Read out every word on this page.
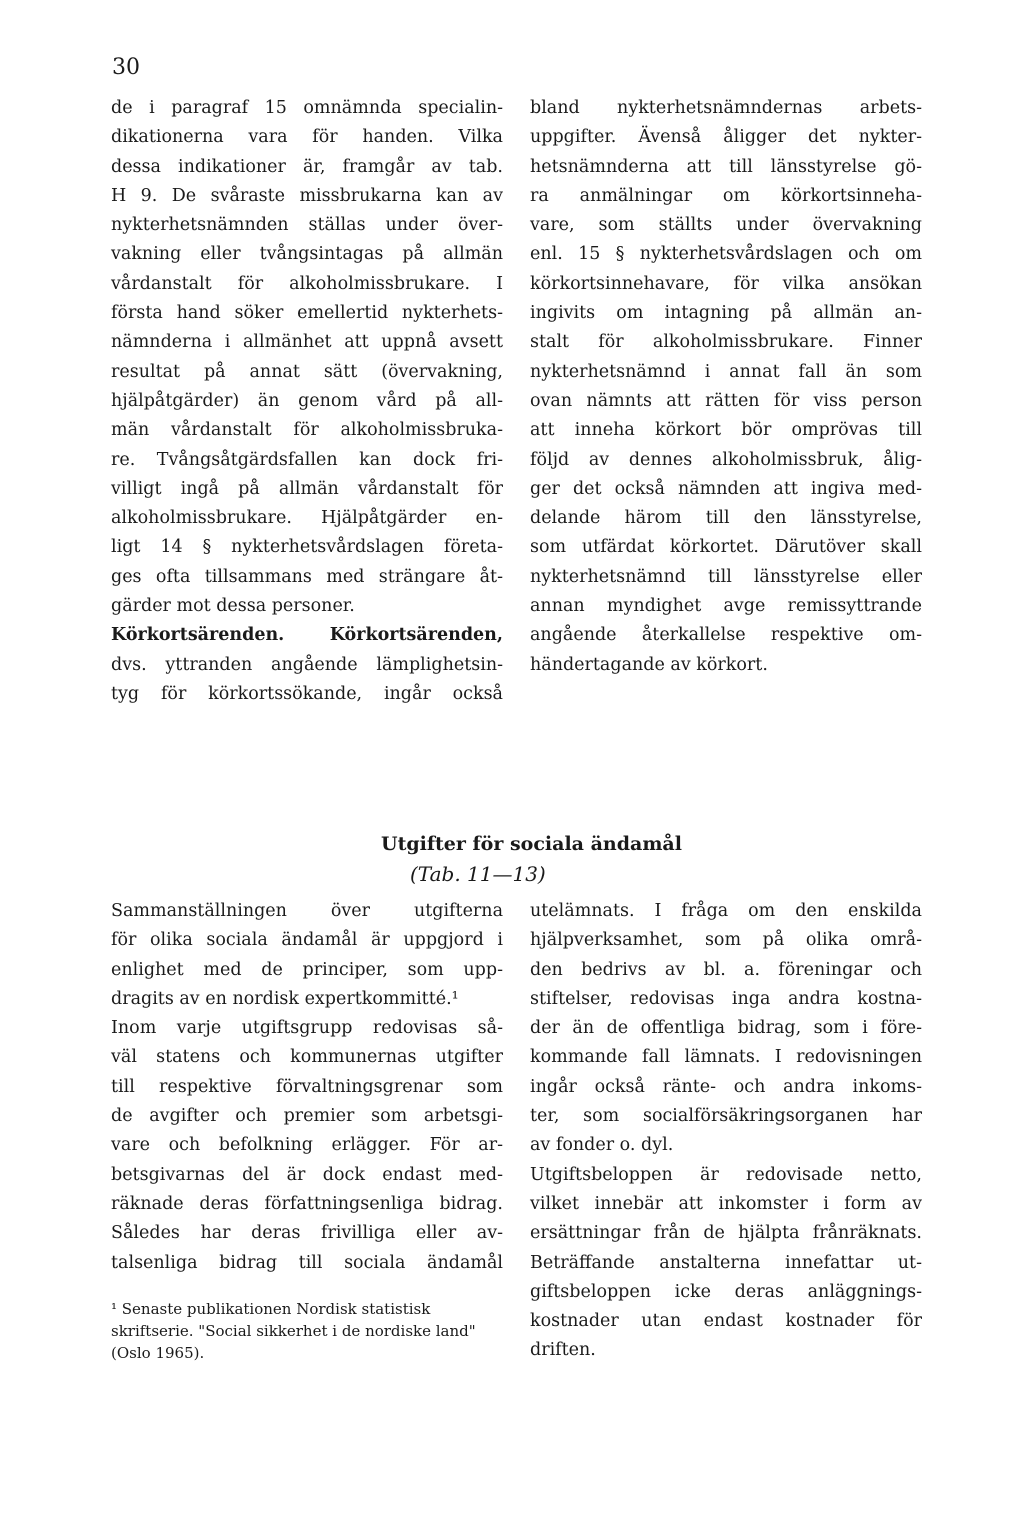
30
de i paragraf 15 omnämnda specialin-
dikationerna vara för handen. Vilka
dessa indikationer är, framgår av tab.
H 9. De svåraste missbrukarna kan av
nykterhetsnämnden ställas under över-
vakning eller tvångsintagas på allmän
vårdanstalt för alkoholmissbrukare. I
första hand söker emellertid nykterhets-
nämnderna i allmänhet att uppnå avsett
resultat på annat sätt (övervakning,
hjälpåtgärder) än genom vård på all-
män vårdanstalt för alkoholmissbruka-
re. Tvångsåtgärdsfallen kan dock fri-
villigt ingå på allmän vårdanstalt för
alkoholmissbrukare. Hjälpåtgärder en-
ligt 14 § nykterhetsvårdslagen företa-
ges ofta tillsammans med strängare åt-
gärder mot dessa personer.
Körkortsärenden. Körkortsärenden,
dvs. yttranden angående lämplighetsin-
tyg för körkortssökande, ingår också
bland nykterhetsnämndernas arbets-
uppgifter. Ävenså åligger det nykter-
hetsnämnderna att till länsstyrelse gö-
ra anmälningar om körkortsinneha-
vare, som ställts under övervakning
enl. 15 § nykterhetsvårdslagen och om
körkortsinnehavare, för vilka ansökan
ingivits om intagning på allmän an-
stalt för alkoholmissbrukare. Finner
nykterhetsnämnd i annat fall än som
ovan nämnts att rätten för viss person
att inneha körkort bör omprövas till
följd av dennes alkoholmissbruk, ålig-
ger det också nämnden att ingiva med-
delande härom till den länsstyrelse,
som utfärdat körkortet. Därutöver skall
nykterhetsnämnd till länsstyrelse eller
annan myndighet avge remissyttrande
angående återkallelse respektive om-
händertagande av körkort.
Utgifter för sociala ändamål
(Tab. 11—13)
Sammanställningen över utgifterna
för olika sociala ändamål är uppgjord i
enlighet med de principer, som upp-
dragits av en nordisk expertkommitté.¹
Inom varje utgiftsgrupp redovisas så-
väl statens och kommunernas utgifter
till respektive förvaltningsgrenar som
de avgifter och premier som arbetsgi-
vare och befolkning erlägger. För ar-
betsgivarnas del är dock endast med-
räknade deras författningsenliga bidrag.
Således har deras frivilliga eller av-
talsenliga bidrag till sociala ändamål
utelämnats. I fråga om den enskilda
hjälpverksamhet, som på olika områ-
den bedrivs av bl. a. föreningar och
stiftelser, redovisas inga andra kostna-
der än de offentliga bidrag, som i före-
kommande fall lämnats. I redovisningen
ingår också ränte- och andra inkoms-
ter, som socialförsäkringsorganen har
av fonder o. dyl.
Utgiftsbeloppen är redovisade netto,
vilket innebär att inkomster i form av
ersättningar från de hjälpta frånräknats.
Beträffande anstalterna innefattar ut-
giftsbeloppen icke deras anläggnings-
kostnader utan endast kostnader för
driften.
¹ Senaste publikationen Nordisk statistisk
skriftserie. "Social sikkerhet i de nordiske land"
(Oslo 1965).
